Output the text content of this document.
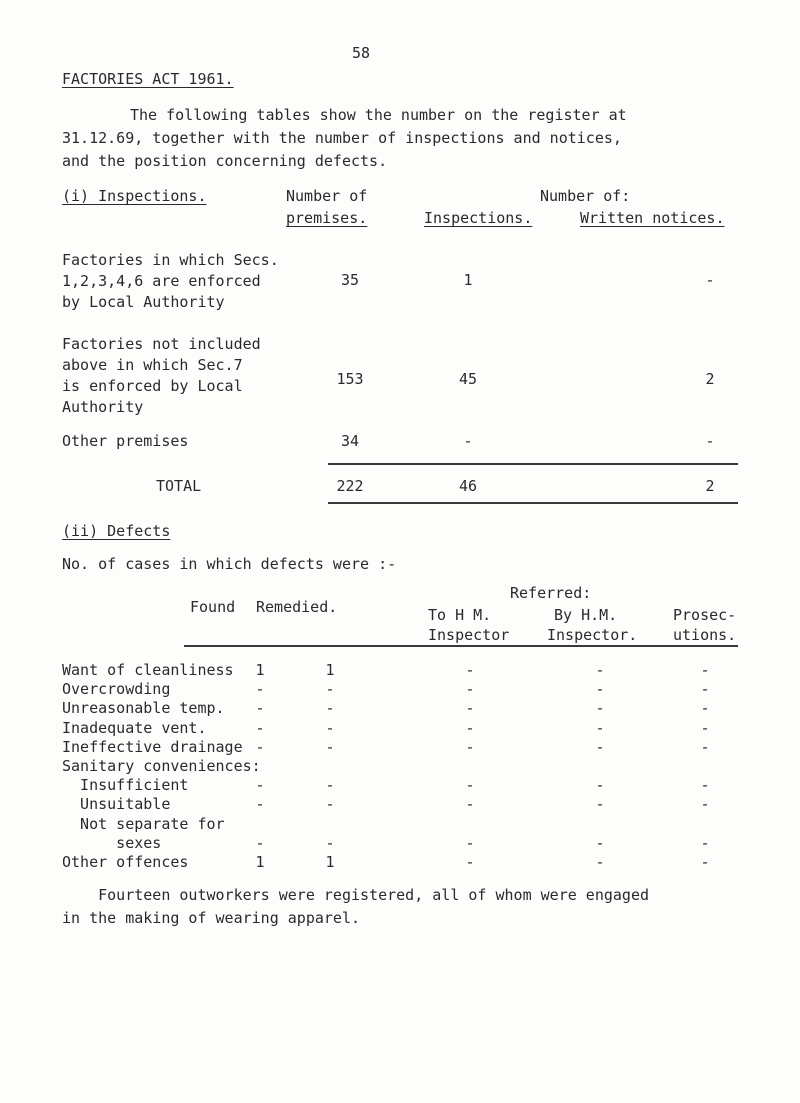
58
FACTORIES ACT 1961.
The following tables show the number on the register at
31.12.69, together with the number of inspections and notices,
and the position concerning defects.
(i) Inspections.	Number of
premises.
Number of:
Inspections.	Written notices.
Factories in which Secs.
1,2,3,4,6 are enforced
by Local Authority
35	1	-
Factories not included
above in which Sec.7
is enforced by Local
Authority
153	45	2
Other premises	34	-	-
TOTAL	222	46	2
(ii) Defects
No. of cases in which defects were :-
Found Remedied.
Referred:
To H M.
Inspector
By H.M.
Inspector.
Prosec-
utions.
Want of cleanliness	1	1	-	-	-
Overcrowding	-	-	-	-	-
Unreasonable temp.	-	-	-	-	-
Inadequate vent.	-	-	-	-	-
Ineffective drainage -	-	-	-	-
Sanitary conveniences:
Insufficient	-	-	-	-	-
Unsuitable	-	-	-	-	-
Not separate for
sexes	-	-	-	-	-
Other offences	1	1	-	-	-
Fourteen outworkers were registered, all of whom were engaged
in the making of wearing apparel.
